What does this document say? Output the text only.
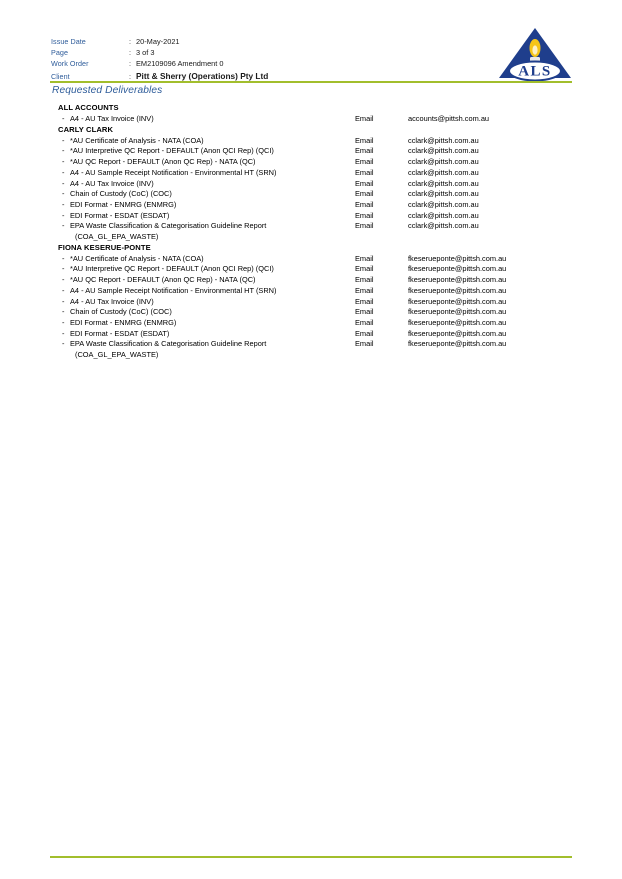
Issue Date	: 20-May-2021
Page	: 3 of 3
Work Order	: EM2109096 Amendment 0
Client	: Pitt & Sherry (Operations) Pty Ltd	ALS
Requested Deliverables
ALL ACCOUNTS
- A4 - AU Tax Invoice (INV)	Email	accounts@pittsh.com.au
CARLY CLARK
- *AU Certificate of Analysis - NATA (COA)	Email	cclark@pittsh.com.au
- *AU Interpretive QC Report - DEFAULT (Anon QCI Rep) (QCI)	Email	cclark@pittsh.com.au
- *AU QC Report - DEFAULT (Anon QC Rep) - NATA (QC)	Email	cclark@pittsh.com.au
- A4 - AU Sample Receipt Notification - Environmental HT (SRN)	Email	cclark@pittsh.com.au
- A4 - AU Tax Invoice (INV)	Email	cclark@pittsh.com.au
- Chain of Custody (CoC) (COC)	Email	cclark@pittsh.com.au
- EDI Format - ENMRG (ENMRG)	Email	cclark@pittsh.com.au
- EDI Format - ESDAT (ESDAT)	Email	cclark@pittsh.com.au
- EPA Waste Classification & Categorisation Guideline Report
(COA_GL_EPA_WASTE)
Email	cclark@pittsh.com.au
FIONA KESERUE-PONTE
- *AU Certificate of Analysis - NATA (COA)	Email	fkeserueponte@pittsh.com.au
- *AU Interpretive QC Report - DEFAULT (Anon QCI Rep) (QCI)	Email	fkeserueponte@pittsh.com.au
- *AU QC Report - DEFAULT (Anon QC Rep) - NATA (QC)	Email	fkeserueponte@pittsh.com.au
- A4 - AU Sample Receipt Notification - Environmental HT (SRN)	Email	fkeserueponte@pittsh.com.au
- A4 - AU Tax Invoice (INV)	Email	fkeserueponte@pittsh.com.au
- Chain of Custody (CoC) (COC)	Email	fkeserueponte@pittsh.com.au
- EDI Format - ENMRG (ENMRG)	Email	fkeserueponte@pittsh.com.au
- EDI Format - ESDAT (ESDAT)	Email	fkeserueponte@pittsh.com.au
- EPA Waste Classification & Categorisation Guideline Report
(COA_GL_EPA_WASTE)
Email	fkeserueponte@pittsh.com.au
